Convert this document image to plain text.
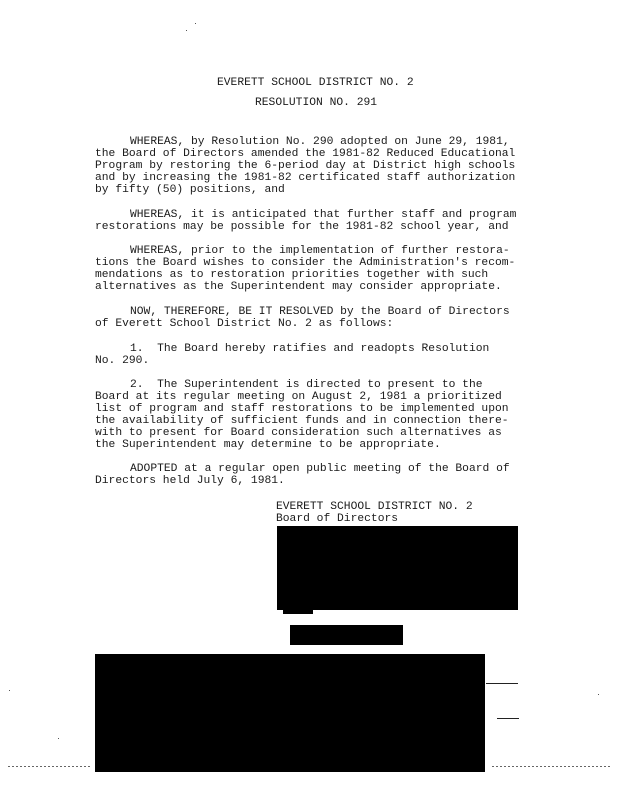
EVERETT SCHOOL DISTRICT NO. 2

RESOLUTION NO. 291

WHEREAS, by Resolution No. 290 adopted on June 29, 1981,

the Board of Directors amended the 1981-82 Reduced Educational

Program by restoring the 6-period day at District high schools

and by increasing the 1981-82 certificated staff authorization

by fifty (50) positions, and

WHEREAS, it is anticipated that further staff and program

restorations may be possible for the 1981-82 school year, and

WHEREAS, prior to the implementation of further restora-

tions the Board wishes to consider the Administration's recom-

mendations as to restoration priorities together with such

alternatives as the Superintendent may consider appropriate.

NOW, THEREFORE, BE IT RESOLVED by the Board of Directors

of Everett School District No. 2 as follows:

1.  The Board hereby ratifies and readopts Resolution

No. 290.

2.  The Superintendent is directed to present to the

Board at its regular meeting on August 2, 1981 a prioritized

list of program and staff restorations to be implemented upon

the availability of sufficient funds and in connection there-

with to present for Board consideration such alternatives as

the Superintendent may determine to be appropriate.

ADOPTED at a regular open public meeting of the Board of

Directors held July 6, 1981.

EVERETT SCHOOL DISTRICT NO. 2

Board of Directors
